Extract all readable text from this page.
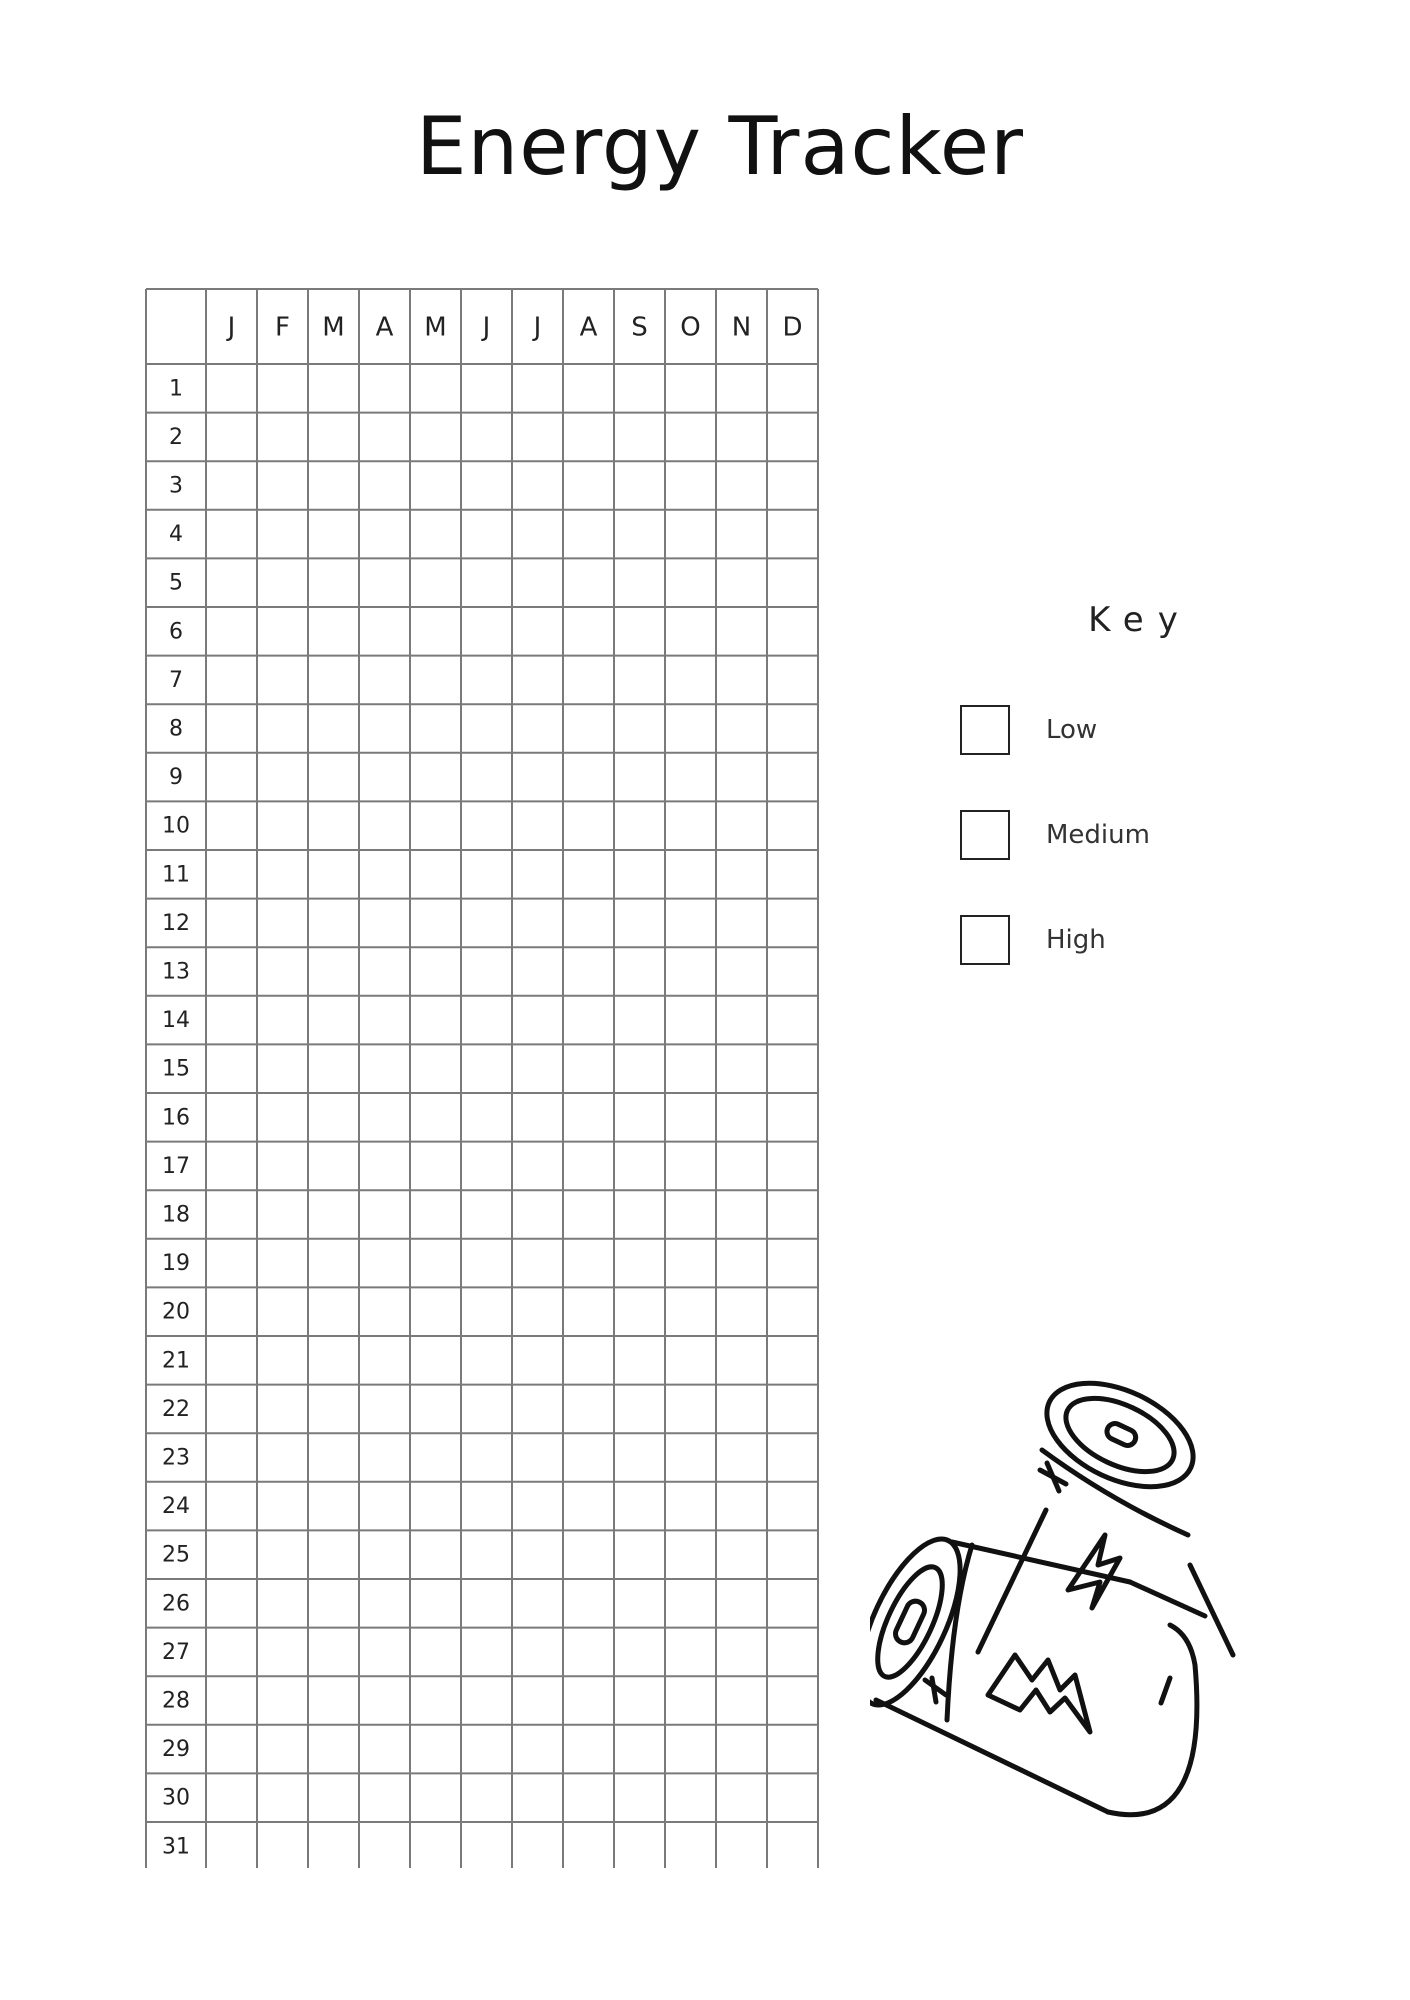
Energy Tracker
J F M A M J J A S O N D
1
2
3
4
5
6
7
8
9
10
11
12
13
14
15
16
17
18
19
20
21
22
23
24
25
26
27
28
29
30
31
Key
Low
Medium
High
